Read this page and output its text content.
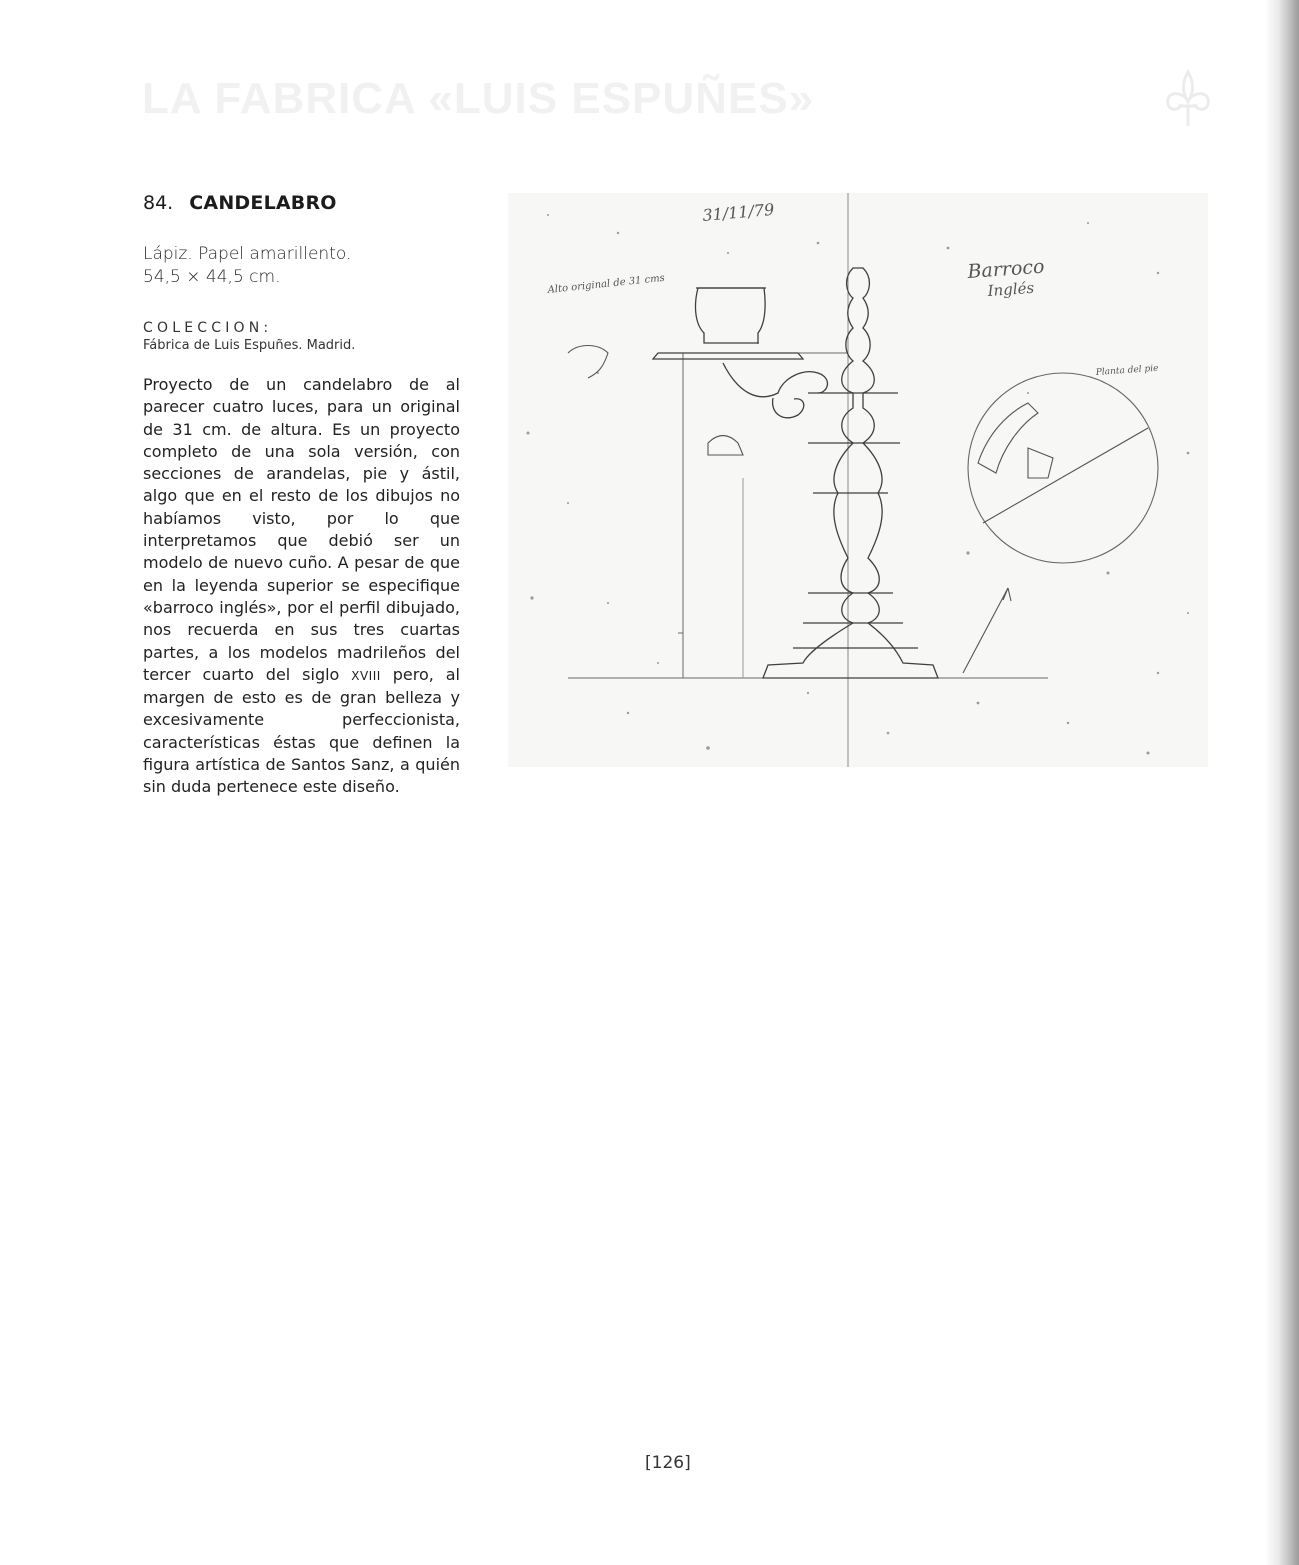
LA FABRICA «LUIS ESPUÑES»
84. CANDELABRO
Lápiz. Papel amarillento.
54,5 × 44,5 cm.
COLECCION:
Fábrica de Luis Espuñes. Madrid.
Proyecto de un candelabro de al parecer cuatro luces, para un original de 31 cm. de altura. Es un proyecto completo de una sola versión, con secciones de arandelas, pie y ástil, algo que en el resto de los dibujos no habíamos visto, por lo que interpretamos que debió ser un modelo de nuevo cuño. A pesar de que en la leyenda superior se especifique «barroco inglés», por el perfil dibujado, nos recuerda en sus tres cuartas partes, a los modelos madrileños del tercer cuarto del siglo XVIII pero, al margen de esto es de gran belleza y excesivamente perfeccionista, características éstas que definen la figura artística de Santos Sanz, a quién sin duda pertenece este diseño.
31/11/79
Alto original de 31 cms
Barroco
Inglés
Planta del pie
[126]
